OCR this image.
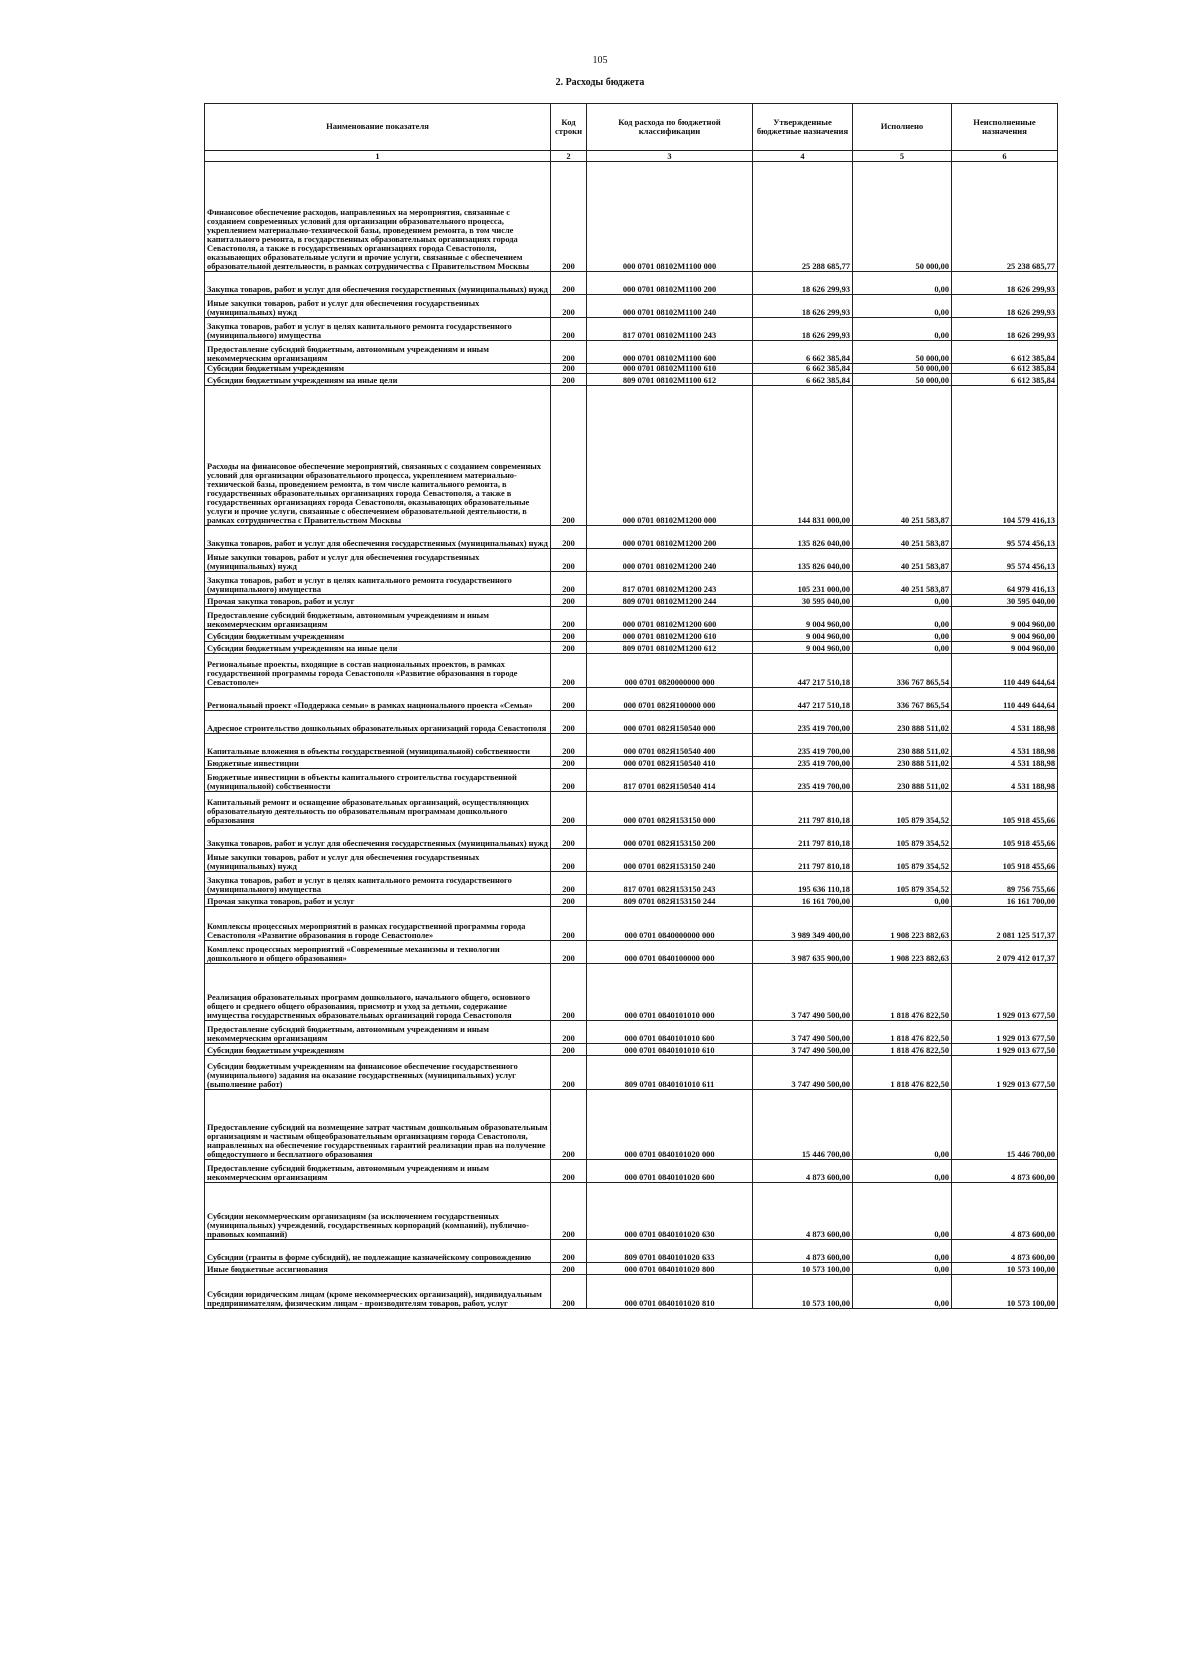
105
2. Расходы бюджета
Наименование показателя	Код строки	Код расхода по бюджетной классификации	Утвержденные бюджетные назначения	Исполнено	Неисполненные назначения
1	2	3	4	5	6
Финансовое обеспечение расходов, направленных на мероприятия, связанные с созданием современных условий для организации образовательного процесса, укреплением материально-технической базы, проведением ремонта, в том числе капитального ремонта, в государственных образовательных организациях города Севастополя, а также в государственных организациях города Севастополя, оказывающих образовательные услуги и прочие услуги, связанные с обеспечением образовательной деятельности, в рамках сотрудничества с Правительством Москвы	200	000 0701 08102М1100 000	25 288 685,77	50 000,00	25 238 685,77
Закупка товаров, работ и услуг для обеспечения государственных (муниципальных) нужд	200	000 0701 08102М1100 200	18 626 299,93	0,00	18 626 299,93
Иные закупки товаров, работ и услуг для обеспечения государственных (муниципальных) нужд	200	000 0701 08102М1100 240	18 626 299,93	0,00	18 626 299,93
Закупка товаров, работ и услуг в целях капитального ремонта государственного (муниципального) имущества	200	817 0701 08102М1100 243	18 626 299,93	0,00	18 626 299,93
Предоставление субсидий бюджетным, автономным учреждениям и иным некоммерческим организациям	200	000 0701 08102М1100 600	6 662 385,84	50 000,00	6 612 385,84
Субсидии бюджетным учреждениям	200	000 0701 08102М1100 610	6 662 385,84	50 000,00	6 612 385,84
Субсидии бюджетным учреждениям на иные цели	200	809 0701 08102М1100 612	6 662 385,84	50 000,00	6 612 385,84
Расходы на финансовое обеспечение мероприятий, связанных с созданием современных условий для организации образовательного процесса, укреплением материально-технической базы, проведением ремонта, в том числе капитального ремонта, в государственных образовательных организациях города Севастополя, а также в государственных организациях города Севастополя, оказывающих образовательные услуги и прочие услуги, связанные с обеспечением образовательной деятельности, в рамках сотрудничества с Правительством Москвы	200	000 0701 08102М1200 000	144 831 000,00	40 251 583,87	104 579 416,13
Закупка товаров, работ и услуг для обеспечения государственных (муниципальных) нужд	200	000 0701 08102М1200 200	135 826 040,00	40 251 583,87	95 574 456,13
Иные закупки товаров, работ и услуг для обеспечения государственных (муниципальных) нужд	200	000 0701 08102М1200 240	135 826 040,00	40 251 583,87	95 574 456,13
Закупка товаров, работ и услуг в целях капитального ремонта государственного (муниципального) имущества	200	817 0701 08102М1200 243	105 231 000,00	40 251 583,87	64 979 416,13
Прочая закупка товаров, работ и услуг	200	809 0701 08102М1200 244	30 595 040,00	0,00	30 595 040,00
Предоставление субсидий бюджетным, автономным учреждениям и иным некоммерческим организациям	200	000 0701 08102М1200 600	9 004 960,00	0,00	9 004 960,00
Субсидии бюджетным учреждениям	200	000 0701 08102М1200 610	9 004 960,00	0,00	9 004 960,00
Субсидии бюджетным учреждениям на иные цели	200	809 0701 08102М1200 612	9 004 960,00	0,00	9 004 960,00
Региональные проекты, входящие в состав национальных проектов, в рамках государственной программы города Севастополя «Развитие образования в городе Севастополе»	200	000 0701 0820000000 000	447 217 510,18	336 767 865,54	110 449 644,64
Региональный проект «Поддержка семьи» в рамках национального проекта «Семья»	200	000 0701 082Я100000 000	447 217 510,18	336 767 865,54	110 449 644,64
Адресное строительство дошкольных образовательных организаций города Севастополя	200	000 0701 082Я150540 000	235 419 700,00	230 888 511,02	4 531 188,98
Капитальные вложения в объекты государственной (муниципальной) собственности	200	000 0701 082Я150540 400	235 419 700,00	230 888 511,02	4 531 188,98
Бюджетные инвестиции	200	000 0701 082Я150540 410	235 419 700,00	230 888 511,02	4 531 188,98
Бюджетные инвестиции в объекты капитального строительства государственной (муниципальной) собственности	200	817 0701 082Я150540 414	235 419 700,00	230 888 511,02	4 531 188,98
Капитальный ремонт и оснащение образовательных организаций, осуществляющих образовательную деятельность по образовательным программам дошкольного образования	200	000 0701 082Я153150 000	211 797 810,18	105 879 354,52	105 918 455,66
Закупка товаров, работ и услуг для обеспечения государственных (муниципальных) нужд	200	000 0701 082Я153150 200	211 797 810,18	105 879 354,52	105 918 455,66
Иные закупки товаров, работ и услуг для обеспечения государственных (муниципальных) нужд	200	000 0701 082Я153150 240	211 797 810,18	105 879 354,52	105 918 455,66
Закупка товаров, работ и услуг в целях капитального ремонта государственного (муниципального) имущества	200	817 0701 082Я153150 243	195 636 110,18	105 879 354,52	89 756 755,66
Прочая закупка товаров, работ и услуг	200	809 0701 082Я153150 244	16 161 700,00	0,00	16 161 700,00
Комплексы процессных мероприятий в рамках государственной программы города Севастополя «Развитие образования в городе Севастополе»	200	000 0701 0840000000 000	3 989 349 400,00	1 908 223 882,63	2 081 125 517,37
Комплекс процессных мероприятий «Современные механизмы и технологии дошкольного и общего образования»	200	000 0701 0840100000 000	3 987 635 900,00	1 908 223 882,63	2 079 412 017,37
Реализация образовательных программ дошкольного, начального общего, основного общего и среднего общего образования, присмотр и уход за детьми, содержание имущества государственных образовательных организаций города Севастополя	200	000 0701 0840101010 000	3 747 490 500,00	1 818 476 822,50	1 929 013 677,50
Предоставление субсидий бюджетным, автономным учреждениям и иным некоммерческим организациям	200	000 0701 0840101010 600	3 747 490 500,00	1 818 476 822,50	1 929 013 677,50
Субсидии бюджетным учреждениям	200	000 0701 0840101010 610	3 747 490 500,00	1 818 476 822,50	1 929 013 677,50
Субсидии бюджетным учреждениям на финансовое обеспечение государственного (муниципального) задания на оказание государственных (муниципальных) услуг (выполнение работ)	200	809 0701 0840101010 611	3 747 490 500,00	1 818 476 822,50	1 929 013 677,50
Предоставление субсидий на возмещение затрат частным дошкольным образовательным организациям и частным общеобразовательным организациям города Севастополя, направленных на обеспечение государственных гарантий реализации прав на получение общедоступного и бесплатного образования	200	000 0701 0840101020 000	15 446 700,00	0,00	15 446 700,00
Предоставление субсидий бюджетным, автономным учреждениям и иным некоммерческим организациям	200	000 0701 0840101020 600	4 873 600,00	0,00	4 873 600,00
Субсидии некоммерческим организациям (за исключением государственных (муниципальных) учреждений, государственных корпораций (компаний), публично-правовых компаний)	200	000 0701 0840101020 630	4 873 600,00	0,00	4 873 600,00
Субсидии (гранты в форме субсидий), не подлежащие казначейскому сопровождению	200	809 0701 0840101020 633	4 873 600,00	0,00	4 873 600,00
Иные бюджетные ассигнования	200	000 0701 0840101020 800	10 573 100,00	0,00	10 573 100,00
Субсидии юридическим лицам (кроме некоммерческих организаций), индивидуальным предпринимателям, физическим лицам - производителям товаров, работ, услуг	200	000 0701 0840101020 810	10 573 100,00	0,00	10 573 100,00
